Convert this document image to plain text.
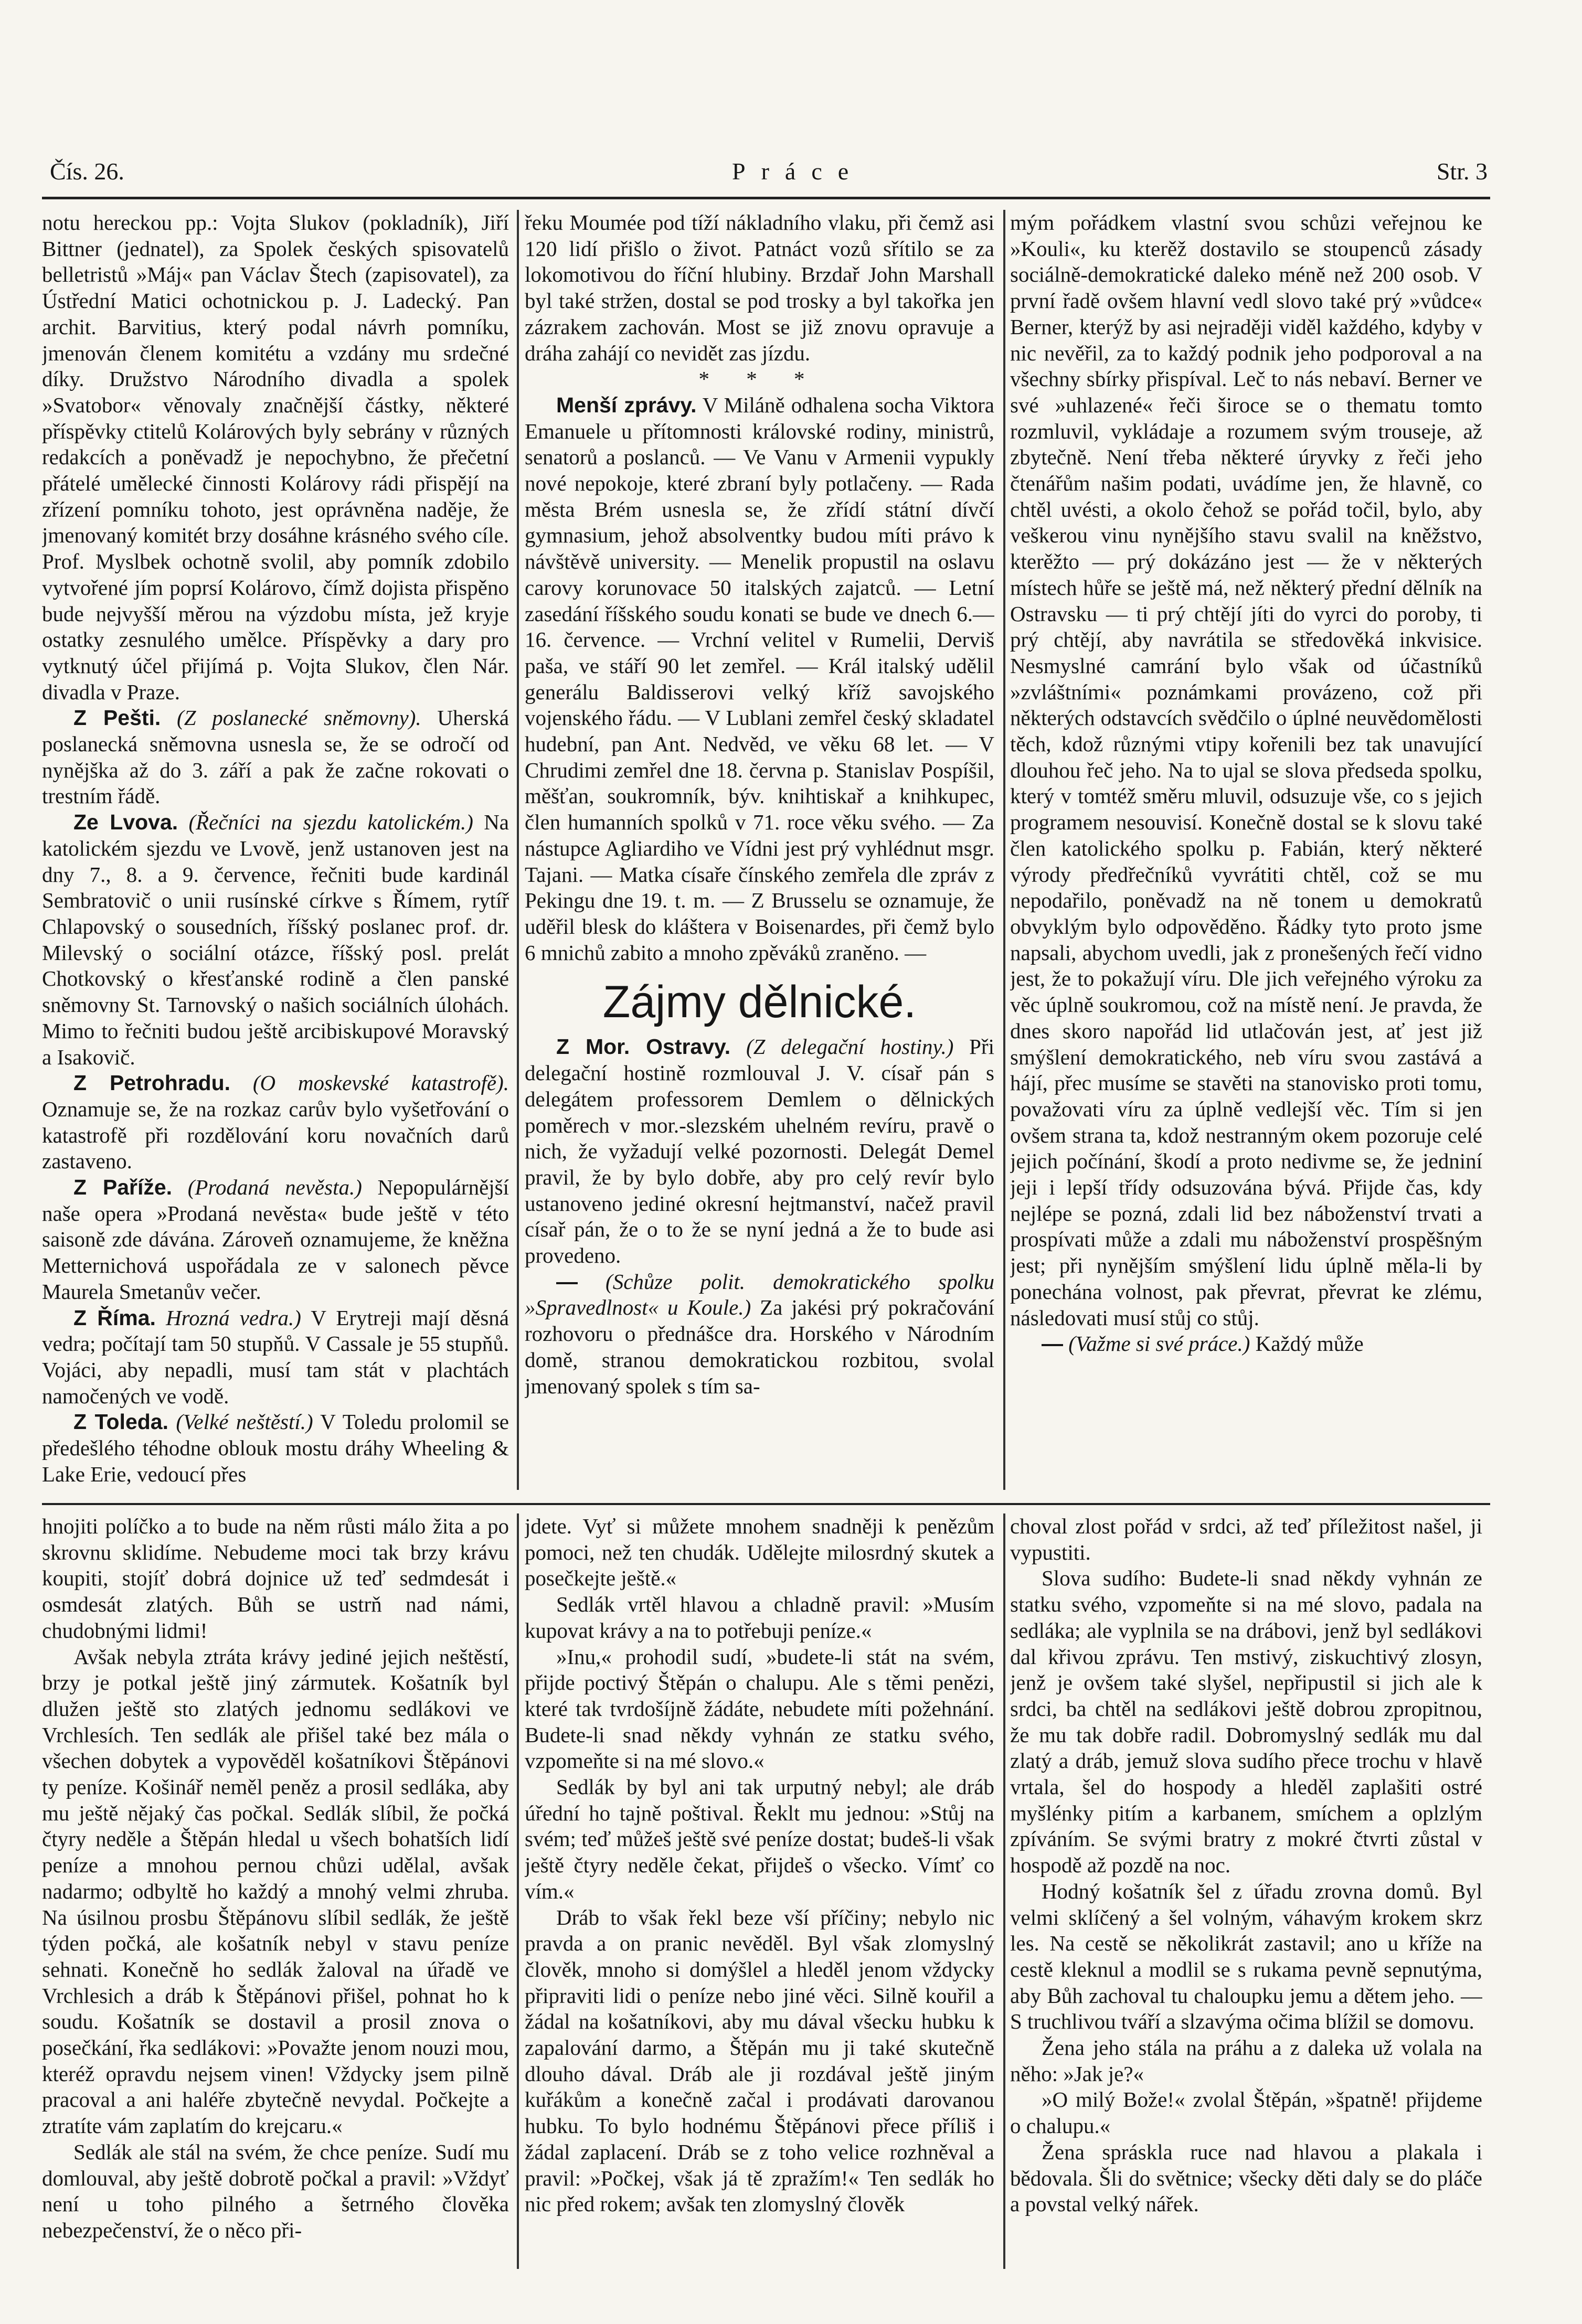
Čís. 26.	Práce	Str. 3

notu hereckou pp.: Vojta Slukov (pokladník), Jiří Bittner (jednatel), za Spolek českých spisovatelů belletristů »Máj« pan Václav Štech (zapisovatel), za Ústřední Matici ochotnickou p. J. Ladecký. Pan archit. Barvitius, který podal návrh pomníku, jmenován členem komitétu a vzdány mu srdečné díky. Družstvo Národního divadla a spolek »Svatobor« věnovaly značnější částky, některé příspěvky ctitelů Kolárových byly sebrány v různých redakcích a poněvadž je nepochybno, že přečetní přátelé umělecké činnosti Kolárovy rádi přispějí na zřízení pomníku tohoto, jest oprávněna naděje, že jmenovaný komitét brzy dosáhne krásného svého cíle. Prof. Myslbek ochotně svolil, aby pomník zdobilo vytvořené jím poprsí Kolárovo, čímž dojista přispěno bude nejvyšší měrou na výzdobu místa, jež kryje ostatky zesnulého umělce. Příspěvky a dary pro vytknutý účel přijímá p. Vojta Slukov, člen Nár. divadla v Praze.

Z Pešti. (Z poslanecké sněmovny). Uherská poslanecká sněmovna usnesla se, že se odročí od nynějška až do 3. září a pak že začne rokovati o trestním řádě.

Ze Lvova. (Řečníci na sjezdu katolickém.) Na katolickém sjezdu ve Lvově, jenž ustanoven jest na dny 7., 8. a 9. července, řečniti bude kardinál Sembratovič o unii rusínské církve s Římem, rytíř Chlapovský o sousedních, říšský poslanec prof. dr. Milevský o sociální otázce, říšský posl. prelát Chotkovský o křesťanské rodině a člen panské sněmovny St. Tarnovský o našich sociálních úlohách. Mimo to řečniti budou ještě arcibiskupové Moravský a Isakovič.

Z Petrohradu. (O moskevské katastrofě). Oznamuje se, že na rozkaz carův bylo vyšetřování o katastrofě při rozdělování koru novačních darů zastaveno.

Z Paříže. (Prodaná nevěsta.) Nepopulárnější naše opera »Prodaná nevěsta« bude ještě v této saisoně zde dávána. Zároveň oznamujeme, že kněžna Metternichová uspořádala ze v salonech pěvce Maurela Smetanův večer.

Z Říma. Hrozná vedra.) V Erytreji mají děsná vedra; počítají tam 50 stupňů. V Cassale je 55 stupňů. Vojáci, aby nepadli, musí tam stát v plachtách namočených ve vodě.

Z Toleda. (Velké neštěstí.) V Toledu prolomil se předešlého téhodne oblouk mostu dráhy Wheeling & Lake Erie, vedoucí přes

řeku Moumée pod tíží nákladního vlaku, při čemž asi 120 lidí přišlo o život. Patnáct vozů sřítilo se za lokomotivou do říční hlubiny. Brzdař John Marshall byl také stržen, dostal se pod trosky a byl takořka jen zázrakem zachován. Most se již znovu opravuje a dráha zahájí co nevidět zas jízdu.

* * *

Menší zprávy. V Miláně odhalena socha Viktora Emanuele u přítomnosti královské rodiny, ministrů, senatorů a poslanců. — Ve Vanu v Armenii vypukly nové nepokoje, které zbraní byly potlačeny. — Rada města Brém usnesla se, že zřídí státní dívčí gymnasium, jehož absolventky budou míti právo k návštěvě university. — Menelik propustil na oslavu carovy korunovace 50 italských zajatců. — Letní zasedání říšského soudu konati se bude ve dnech 6.—16. července. — Vrchní velitel v Rumelii, Derviš paša, ve stáří 90 let zemřel. — Král italský udělil generálu Baldisserovi velký kříž savojského vojenského řádu. — V Lublani zemřel český skladatel hudební, pan Ant. Nedvěd, ve věku 68 let. — V Chrudimi zemřel dne 18. června p. Stanislav Pospíšil, měšťan, soukromník, býv. knihtiskař a knihkupec, člen humanních spolků v 71. roce věku svého. — Za nástupce Agliardiho ve Vídni jest prý vyhlédnut msgr. Tajani. — Matka císaře čínského zemřela dle zpráv z Pekingu dne 19. t. m. — Z Brusselu se oznamuje, že uděřil blesk do kláštera v Boisenardes, při čemž bylo 6 mnichů zabito a mnoho zpěváků zraněno. —

Zájmy dělnické.

Z Mor. Ostravy. (Z delegační hostiny.) Při delegační hostině rozmlouval J. V. císař pán s delegátem professorem Demlem o dělnických poměrech v mor.-slezském uhelném revíru, pravě o nich, že vyžadují velké pozornosti. Delegát Demel pravil, že by bylo dobře, aby pro celý revír bylo ustanoveno jediné okresní hejtmanství, načež pravil císař pán, že o to že se nyní jedná a že to bude asi provedeno.

— (Schůze polit. demokratického spolku »Spravedlnost« u Koule.) Za jakési prý pokračování rozhovoru o přednášce dra. Horského v Národním domě, stranou demokratickou rozbitou, svolal jmenovaný spolek s tím sa-

mým pořádkem vlastní svou schůzi veřejnou ke »Kouli«, ku kterěž dostavilo se stoupenců zásady sociálně-demokratické daleko méně než 200 osob. V první řadě ovšem hlavní vedl slovo také prý »vůdce« Berner, kterýž by asi nejraději viděl každého, kdyby v nic nevěřil, za to každý podnik jeho podporoval a na všechny sbírky přispíval. Leč to nás nebaví. Berner ve své »uhlazené« řeči široce se o thematu tomto rozmluvil, vykládaje a rozumem svým trouseje, až zbytečně. Není třeba některé úryvky z řeči jeho čtenářům našim podati, uvádíme jen, že hlavně, co chtěl uvésti, a okolo čehož se pořád točil, bylo, aby veškerou vinu nynějšího stavu svalil na kněžstvo, kterěžto — prý dokázáno jest — že v některých místech hůře se ještě má, než některý přední dělník na Ostravsku — ti prý chtějí jíti do vyrci do poroby, ti prý chtějí, aby navrátila se středověká inkvisice. Nesmyslné camrání bylo však od účastníků »zvláštními« poznámkami provázeno, což při některých odstavcích svědčilo o úplné neuvědomělosti těch, kdož různými vtipy kořenili bez tak unavující dlouhou řeč jeho. Na to ujal se slova předseda spolku, který v tomtéž směru mluvil, odsuzuje vše, co s jejich programem nesouvisí. Konečně dostal se k slovu také člen katolického spolku p. Fabián, který některé výrody předřečníků vyvrátiti chtěl, což se mu nepodařilo, poněvadž na ně tonem u demokratů obvyklým bylo odpověděno. Řádky tyto proto jsme napsali, abychom uvedli, jak z pronešených řečí vidno jest, že to pokažují víru. Dle jich veřejného výroku za věc úplně soukromou, což na místě není. Je pravda, že dnes skoro napořád lid utlačován jest, ať jest již smýšlení demokratického, neb víru svou zastává a hájí, přec musíme se stavěti na stanovisko proti tomu, považovati víru za úplně vedlejší věc. Tím si jen ovšem strana ta, kdož nestranným okem pozoruje celé jejich počínání, škodí a proto nedivme se, že jedniní jeji i lepší třídy odsuzována bývá. Přijde čas, kdy nejlépe se pozná, zdali lid bez náboženství trvati a prospívati může a zdali mu náboženství prospěšným jest; při nynějším smýšlení lidu úplně měla-li by ponechána volnost, pak převrat, převrat ke zlému, následovati musí stůj co stůj.

— (Važme si své práce.) Každý může

hnojiti políčko a to bude na něm růsti málo žita a po skrovnu sklidíme. Nebudeme moci tak brzy krávu koupiti, stojíť dobrá dojnice už teď sedmdesát i osmdesát zlatých. Bůh se ustrň nad námi, chudobnými lidmi!

Avšak nebyla ztráta krávy jediné jejich neštěstí, brzy je potkal ještě jiný zármutek. Košatník byl dlužen ještě sto zlatých jednomu sedlákovi ve Vrchlesích. Ten sedlák ale přišel také bez mála o všechen dobytek a vypověděl košatníkovi Štěpánovi ty peníze. Košinář neměl peněz a prosil sedláka, aby mu ještě nějaký čas počkal. Sedlák slíbil, že počká čtyry neděle a Štěpán hledal u všech bohatších lidí peníze a mnohou pernou chůzi udělal, avšak nadarmo; odbyltě ho každý a mnohý velmi zhruba. Na úsilnou prosbu Štěpánovu slíbil sedlák, že ještě týden počká, ale košatník nebyl v stavu peníze sehnati. Konečně ho sedlák žaloval na úřadě ve Vrchlesich a dráb k Štěpánovi přišel, pohnat ho k soudu. Košatník se dostavil a prosil znova o posečkání, řka sedlákovi: »Považte jenom nouzi mou, kteréž opravdu nejsem vinen! Vždycky jsem pilně pracoval a ani haléře zbytečně nevydal. Počkejte a ztratíte vám zaplatím do krejcaru.«

Sedlák ale stál na svém, že chce peníze. Sudí mu domlouval, aby ještě dobrotě počkal a pravil: »Vždyť není u toho pilného a šetrného člověka nebezpečenství, že o něco při-

jdete. Vyť si můžete mnohem snadněji k penězům pomoci, než ten chudák. Udělejte milosrdný skutek a posečkejte ještě.«

Sedlák vrtěl hlavou a chladně pravil: »Musím kupovat krávy a na to potřebuji peníze.«

»Inu,« prohodil sudí, »budete-li stát na svém, přijde poctivý Štěpán o chalupu. Ale s těmi penězi, které tak tvrdošíjně žádáte, nebudete míti požehnání. Budete-li snad někdy vyhnán ze statku svého, vzpomeňte si na mé slovo.«

Sedlák by byl ani tak urputný nebyl; ale dráb úřední ho tajně poštival. Řeklt mu jednou: »Stůj na svém; teď můžeš ještě své peníze dostat; budeš-li však ještě čtyry neděle čekat, přijdeš o všecko. Vímť co vím.«

Dráb to však řekl beze vší příčiny; nebylo nic pravda a on pranic nevěděl. Byl však zlomyslný člověk, mnoho si domýšlel a hleděl jenom vždycky připraviti lidi o peníze nebo jiné věci. Silně kouřil a žádal na košatníkovi, aby mu dával všecku hubku k zapalování darmo, a Štěpán mu ji také skutečně dlouho dával. Dráb ale ji rozdával ještě jiným kuřákům a konečně začal i prodávati darovanou hubku. To bylo hodnému Štěpánovi přece příliš i žádal zaplacení. Dráb se z toho velice rozhněval a pravil: »Počkej, však já tě zpražím!« Ten sedlák ho nic před rokem; avšak ten zlomyslný člověk

choval zlost pořád v srdci, až teď příležitost našel, ji vypustiti.

Slova sudího: Budete-li snad někdy vyhnán ze statku svého, vzpomeňte si na mé slovo, padala na sedláka; ale vyplnila se na drábovi, jenž byl sedlákovi dal křivou zprávu. Ten mstivý, ziskuchtivý zlosyn, jenž je ovšem také slyšel, nepřipustil si jich ale k srdci, ba chtěl na sedlákovi ještě dobrou zpropitnou, že mu tak dobře radil. Dobromyslný sedlák mu dal zlatý a dráb, jemuž slova sudího přece trochu v hlavě vrtala, šel do hospody a hleděl zaplašiti ostré myšlénky pitím a karbanem, smíchem a oplzlým zpíváním. Se svými bratry z mokré čtvrti zůstal v hospodě až pozdě na noc.

Hodný košatník šel z úřadu zrovna domů. Byl velmi sklíčený a šel volným, váhavým krokem skrz les. Na cestě se několikrát zastavil; ano u kříže na cestě kleknul a modlil se s rukama pevně sepnutýma, aby Bůh zachoval tu chaloupku jemu a dětem jeho. — S truchlivou tváří a slzavýma očima blížil se domovu.

Žena jeho stála na práhu a z daleka už volala na něho: »Jak je?«

»O milý Bože!« zvolal Štěpán, »špatně! přijdeme o chalupu.«

Žena spráskla ruce nad hlavou a plakala i bědovala. Šli do světnice; všecky děti daly se do pláče a povstal velký nářek.
